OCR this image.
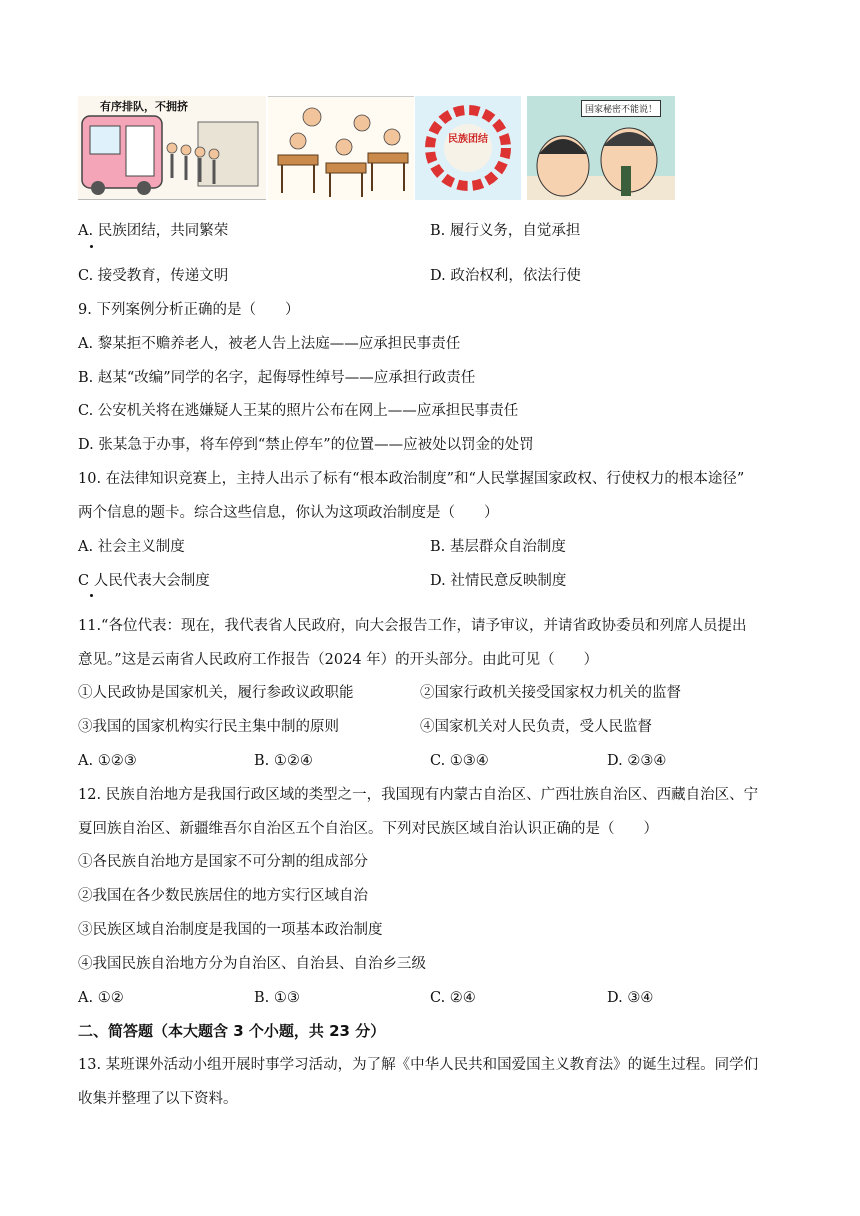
有序排队，不拥挤
民族团结
国家秘密不能说！
A. 民族团结，共同繁荣	B. 履行义务，自觉承担
C. 接受教育，传递文明	D. 政治权利，依法行使
9. 下列案例分析正确的是（　　）
A. 黎某拒不赡养老人，被老人告上法庭——应承担民事责任
B. 赵某“改编”同学的名字，起侮辱性绰号——应承担行政责任
C. 公安机关将在逃嫌疑人王某的照片公布在网上——应承担民事责任
D. 张某急于办事，将车停到“禁止停车”的位置——应被处以罚金的处罚
10. 在法律知识竞赛上，主持人出示了标有“根本政治制度”和“人民掌握国家政权、行使权力的根本途径”
两个信息的题卡。综合这些信息，你认为这项政治制度是（　　）
A. 社会主义制度	B. 基层群众自治制度
C 人民代表大会制度	D. 社情民意反映制度
11.“各位代表：现在，我代表省人民政府，向大会报告工作，请予审议，并请省政协委员和列席人员提出
意见。”这是云南省人民政府工作报告（2024 年）的开头部分。由此可见（　　）
①人民政协是国家机关，履行参政议政职能	②国家行政机关接受国家权力机关的监督
③我国的国家机构实行民主集中制的原则	④国家机关对人民负责，受人民监督
A. ①②③	B. ①②④	C. ①③④	D. ②③④
12. 民族自治地方是我国行政区域的类型之一，我国现有内蒙古自治区、广西壮族自治区、西藏自治区、宁
夏回族自治区、新疆维吾尔自治区五个自治区。下列对民族区域自治认识正确的是（　　）
①各民族自治地方是国家不可分割的组成部分
②我国在各少数民族居住的地方实行区域自治
③民族区域自治制度是我国的一项基本政治制度
④我国民族自治地方分为自治区、自治县、自治乡三级
A. ①②	B. ①③	C. ②④	D. ③④
二、简答题（本大题含 3 个小题，共 23 分）
13. 某班课外活动小组开展时事学习活动，为了解《中华人民共和国爱国主义教育法》的诞生过程。同学们
收集并整理了以下资料。
